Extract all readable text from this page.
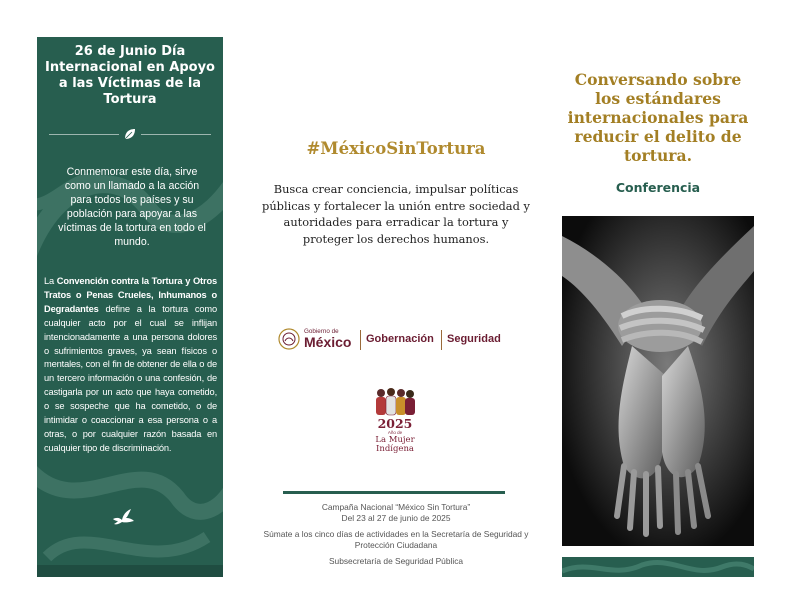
26 de Junio Día Internacional en Apoyo a las Víctimas de la Tortura
Conmemorar este día, sirve como un llamado a la acción para todos los países y su población para apoyar a las víctimas de la tortura en todo el mundo.
La Convención contra la Tortura y Otros Tratos o Penas Crueles, Inhumanos o Degradantes define a la tortura como cualquier acto por el cual se inflijan intencionadamente a una persona dolores o sufrimientos graves, ya sean físicos o mentales, con el fin de obtener de ella o de un tercero información o una confesión, de castigarla por un acto que haya cometido, o se sospeche que ha cometido, o de intimidar o coaccionar a esa persona o a otras, o por cualquier razón basada en cualquier tipo de discriminación.
#MéxicoSinTortura
Busca crear conciencia, impulsar políticas públicas y fortalecer la unión entre sociedad y autoridades para erradicar la tortura y proteger los derechos humanos.
Gobierno de
México Gobernación Seguridad
2025
Año de
La Mujer
Indígena
Campaña Nacional “México Sin Tortura”
Del 23 al 27 de junio de 2025
Súmate a los cinco días de actividades en la Secretaría de Seguridad y Protección Ciudadana
Subsecretaría de Seguridad Pública
Conversando sobre los estándares internacionales para reducir el delito de tortura.
Conferencia
